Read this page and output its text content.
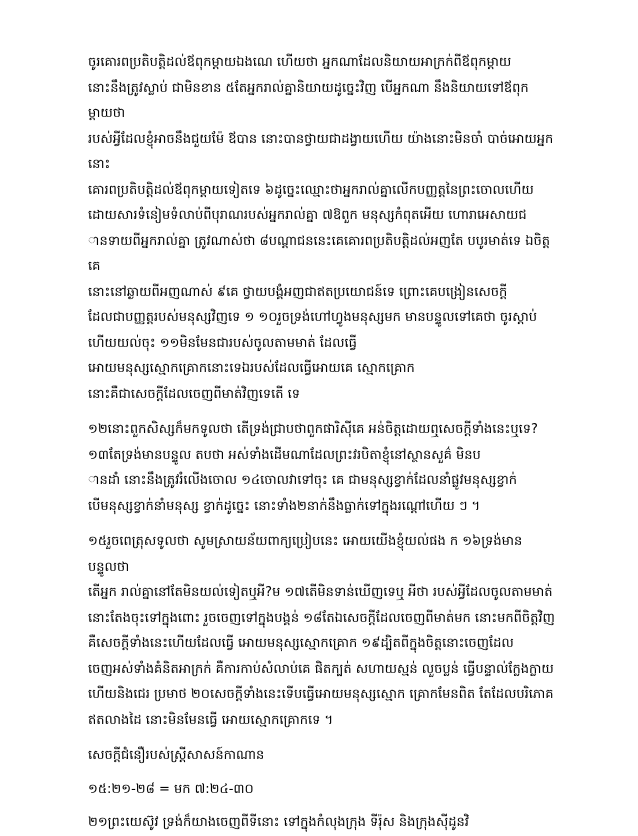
ចូរគោរពប្រតិបត្តិដល់ឪពុកម្តាយឯងណេ ហើយថា អ្នកណាដែលនិយាយអាក្រក់ពីឪពុកម្តាយ
នោះនឹងត្រូវស្លាប់ ជាមិនខាន ៥តែអ្នករាល់គ្នានិយាយដូច្នេះវិញ បើអ្នកណា នឹងនិយាយទៅឪពុកម្តាយថា
របស់អ្វីដែលខ្ញុំអាចនឹងជួយម៉ែ ឪបាន នោះបានថ្វាយជាដង្វាយហើយ យ៉ាងនោះមិនចាំ បាច់អោយអ្នកនោះ
គោរពប្រតិបត្តិដល់ឪពុកម្តាយទៀតទេ ៦ដូច្នេះឈ្មោះថាអ្នករាល់គ្នាលើកបញ្ញត្តនៃព្រះចោលហើយ
ដោយសារទំនៀមទំលាប់ពីបុរាណរបស់អ្នករាល់គ្នា ៧ឱពួក មនុស្សកំពុតអើយ ហោរាអេសាយជ
ានទាយពីអ្នករាល់គ្នា ត្រូវណាស់ថា ៨បណ្តាជននេះគេគោរពប្រតិបត្តិដល់អញតែ បបូរមាត់ទេ ឯចិត្តគេ
នោះនៅឆ្ងាយពីអញណាស់ ៩គេ ថ្វាយបង្គំអញជាឥតប្រយោជន៍ទេ ព្រោះគេបង្រៀនសេចក្តី
ដែលជាបញ្ញត្តរបស់មនុស្សវិញទេ ១ ១០រួចទ្រង់ហៅហ្វូងមនុស្សមក មានបន្ទូលទៅគេថា ចូរស្តាប់
ហើយយល់ចុះ ១១មិនមែនជារបស់ចូលតាមមាត់ ដែលធ្វើ
អោយមនុស្សស្មោកគ្រោកនោះទេឯរបស់ដែលធ្វើអោយគេ ស្មោកគ្រោក
នោះគឺជាសេចក្តីដែលចេញពីមាត់វិញទេតើ ទេ

១២នោះពួកសិស្សក៏មកទូលថា តើទ្រង់ជ្រាបថាពួកផារិស៊ីគេ អន់ចិត្តដោយឮសេចក្តីទាំងនេះឬទេ?
១៣តែទ្រង់មានបន្ទូល តបថា អស់ទាំងដើមណាដែលព្រះវរបិតាខ្ញុំនៅស្ថានសួគ៌ មិនប
ានដាំ នោះនឹងត្រូវរំលើងចោល ១៤ចោលវាទៅចុះ គេ ជាមនុស្សខ្វាក់ដែលនាំផ្លូវមនុស្សខ្វាក់
បើមនុស្សខ្វាក់នាំមនុស្ស ខ្វាក់ដូច្នេះ នោះទាំង២នាក់នឹងធ្លាក់ទៅក្នុងរណ្តៅហើយ ៗ ។

១៥រួចពេត្រុសទូលថា សូមស្រាយន័យពាក្យប្រៀបនេះ អោយយើងខ្ញុំយល់ផង ក ១៦ទ្រង់មានបន្ទូលថា
តើអ្នក រាល់គ្នានៅតែមិនយល់ទៀតឬអី?ម ១៧តើមិនទាន់ឃើញទេឬ អីថា របស់អ្វីដែលចូលតាមមាត់
នោះតែងចុះទៅក្នុងពោះ រួចចេញទៅក្នុងបង្គន់ ១៨តែឯសេចក្តីដែលចេញពីមាត់មក នោះមកពីចិត្តវិញ
គឺសេចក្តីទាំងនេះហើយដែលធ្វើ អោយមនុស្សស្មោកគ្រោក ១៩ដ្បិតពីក្នុងចិត្តនោះចេញដែល
ចេញអស់ទាំងគំនិតអាក្រក់ គឺការកាប់សំលាប់គេ ផិតក្បត់ សហាយស្មន់ លួចប្លន់ ធ្វើបន្ទាល់ក្លែងក្លាយ
ហើយនិងជេរ ប្រមាថ ២០សេចក្តីទាំងនេះទើបធ្វើអោយមនុស្សស្មោក គ្រោកមែនពិត តែដែលបរិភោគ
ឥតលាងដៃ នោះមិនមែនធ្វើ អោយស្មោកគ្រោកទេ ។

សេចក្តីជំនឿរបស់ស្ត្រីសាសន៍កាណាន

១៥:២១-២៨ = មក ៧:២៤-៣០

២១ព្រះយេស៊ូវ ទ្រង់ក៏យាងចេញពីទីនោះ ទៅក្នុងកំលុងក្រុង ទីរ៉ុស និងក្រុងស៊ីដូនវិ
